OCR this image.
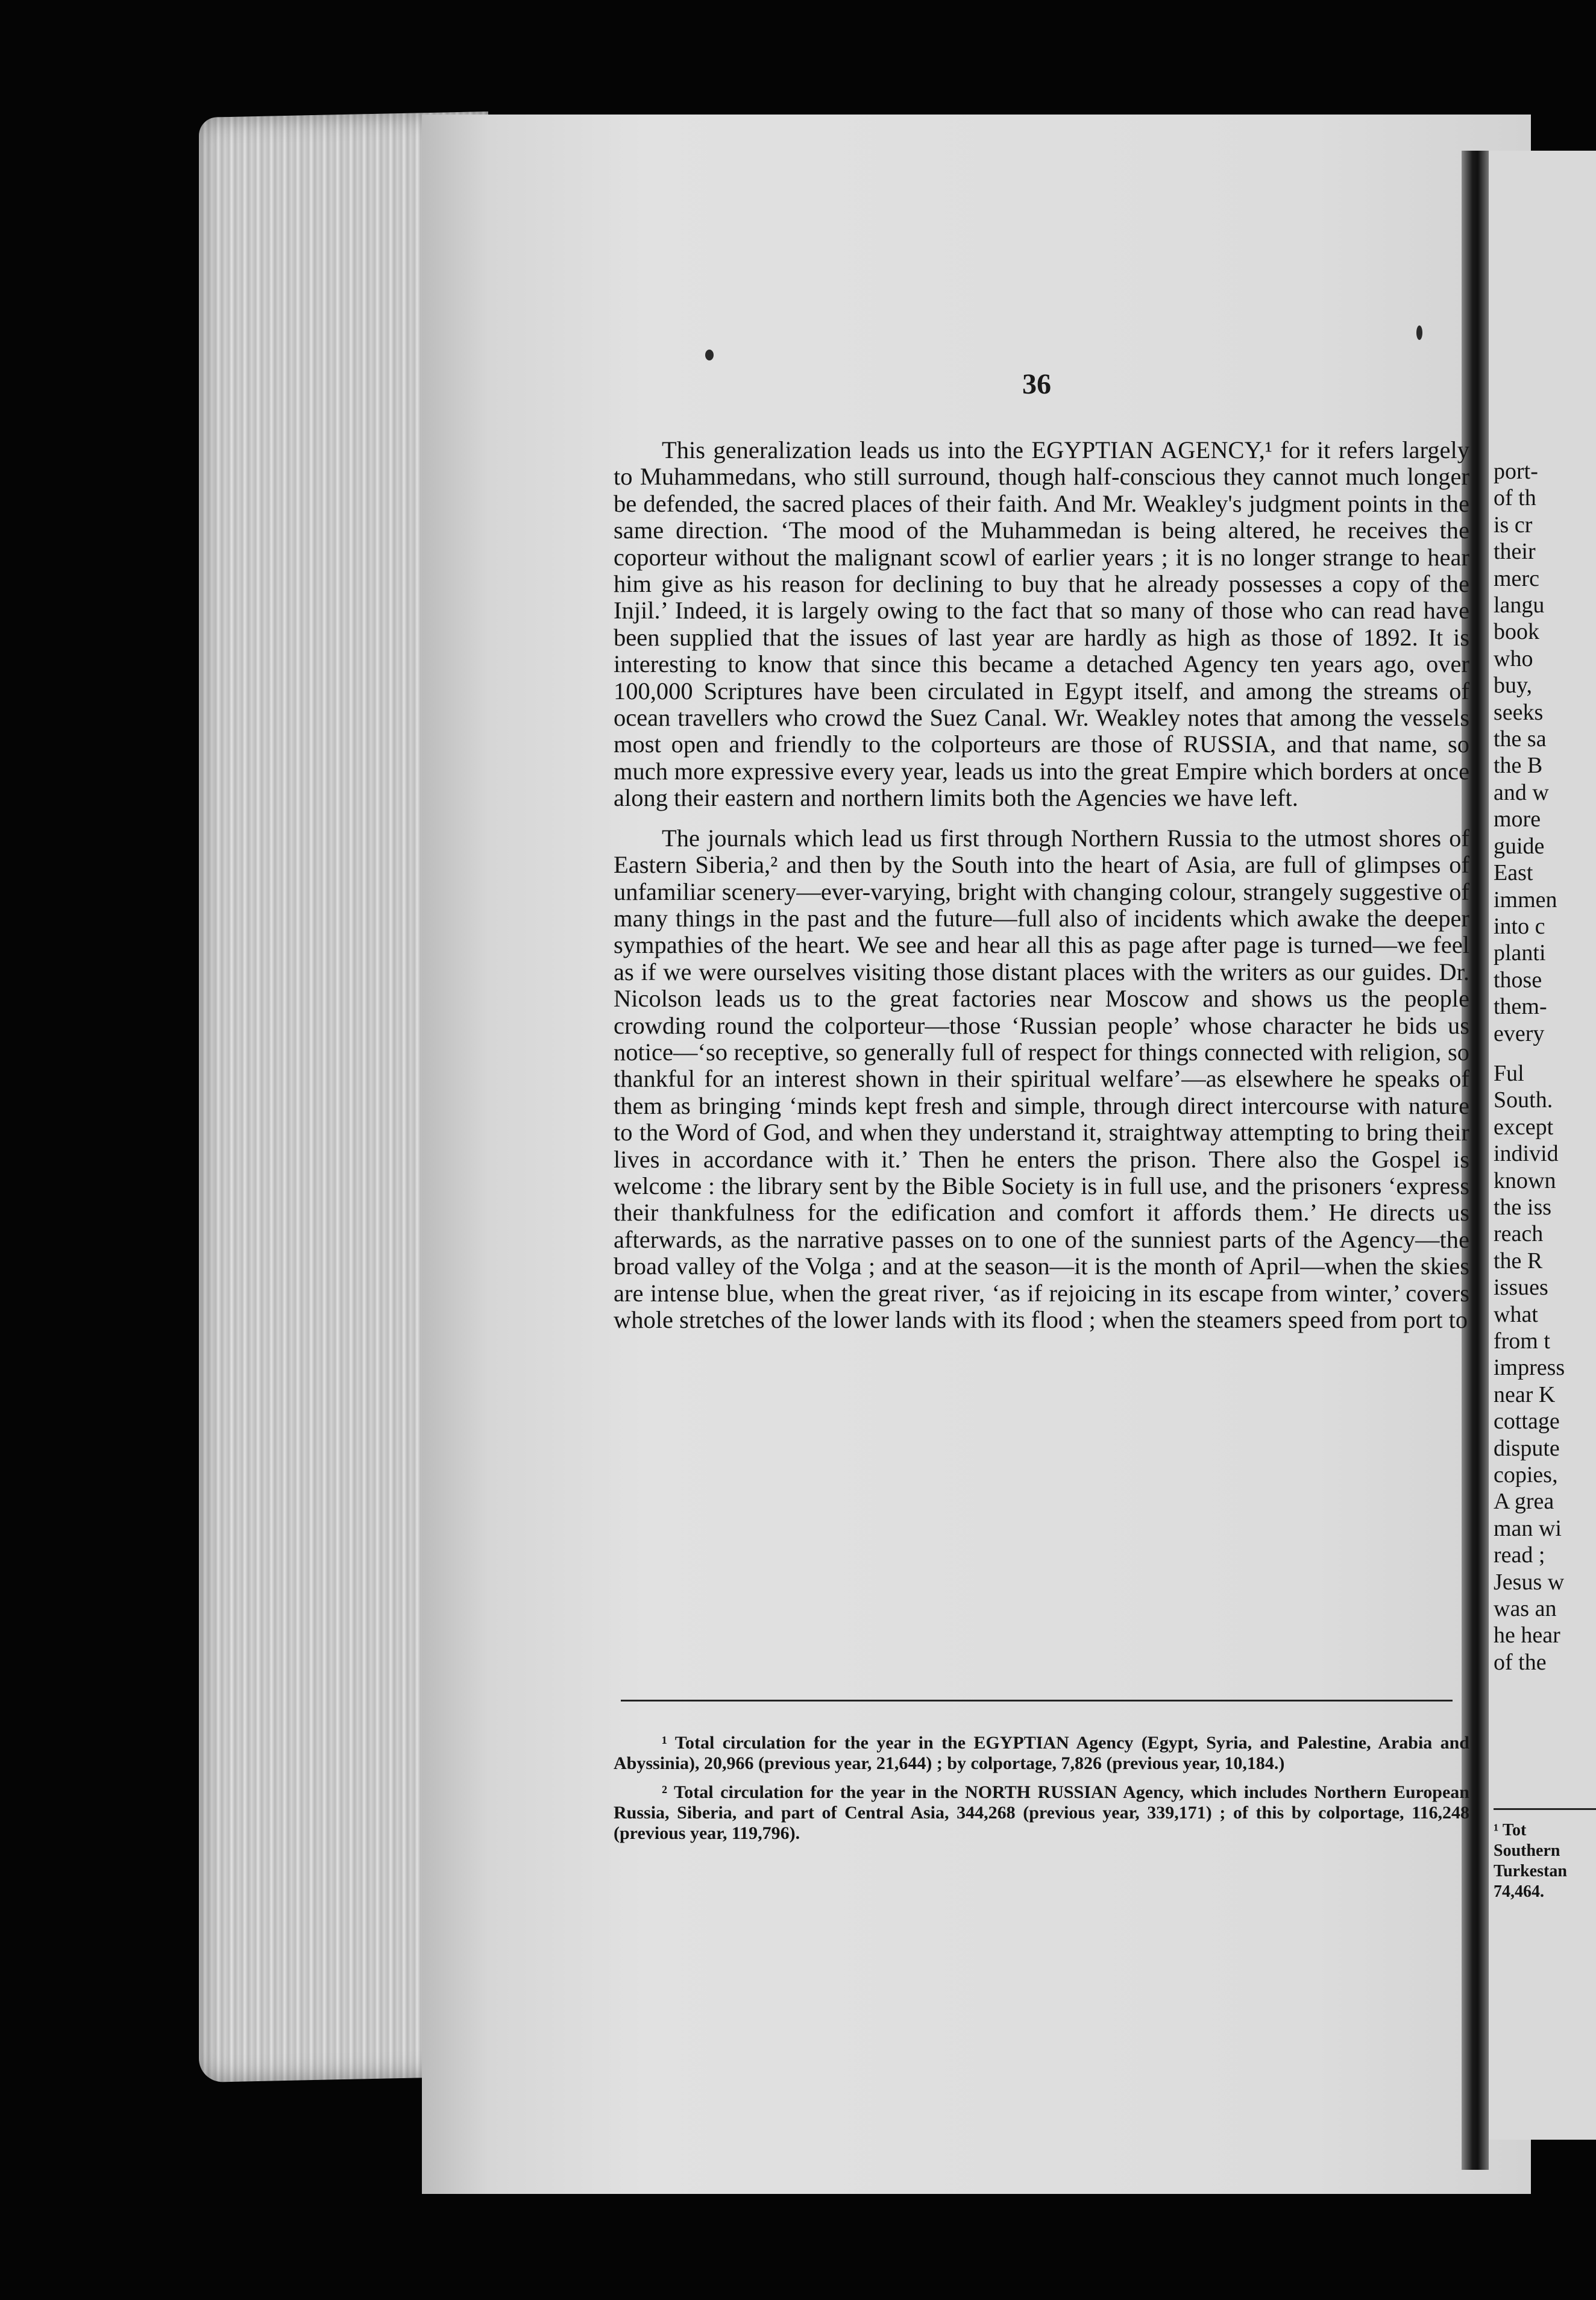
36

This generalization leads us into the EGYPTIAN AGENCY,¹ for it refers largely to Muhammedans, who still surround, though half-conscious they cannot much longer be defended, the sacred places of their faith. And Mr. Weakley's judgment points in the same direction. ‘The mood of the Muhammedan is being altered, he receives the coporteur without the malignant scowl of earlier years ; it is no longer strange to hear him give as his reason for declining to buy that he already possesses a copy of the Injil.’ Indeed, it is largely owing to the fact that so many of those who can read have been supplied that the issues of last year are hardly as high as those of 1892. It is interesting to know that since this became a detached Agency ten years ago, over 100,000 Scriptures have been circulated in Egypt itself, and among the streams of ocean travellers who crowd the Suez Canal. Wr. Weakley notes that among the vessels most open and friendly to the colporteurs are those of RUSSIA, and that name, so much more expressive every year, leads us into the great Empire which borders at once along their eastern and northern limits both the Agencies we have left.

The journals which lead us first through Northern Russia to the utmost shores of Eastern Siberia,² and then by the South into the heart of Asia, are full of glimpses of unfamiliar scenery—ever-varying, bright with changing colour, strangely suggestive of many things in the past and the future—full also of incidents which awake the deeper sympathies of the heart. We see and hear all this as page after page is turned—we feel as if we were ourselves visiting those distant places with the writers as our guides. Dr. Nicolson leads us to the great factories near Moscow and shows us the people crowding round the colporteur—those ‘Russian people’ whose character he bids us notice—‘so receptive, so generally full of respect for things connected with religion, so thankful for an interest shown in their spiritual welfare’—as elsewhere he speaks of them as bringing ‘minds kept fresh and simple, through direct intercourse with nature to the Word of God, and when they understand it, straightway attempting to bring their lives in accordance with it.’ Then he enters the prison. There also the Gospel is welcome : the library sent by the Bible Society is in full use, and the prisoners ‘express their thankfulness for the edification and comfort it affords them.’ He directs us afterwards, as the narrative passes on to one of the sunniest parts of the Agency—the broad valley of the Volga ; and at the season—it is the month of April—when the skies are intense blue, when the great river, ‘as if rejoicing in its escape from winter,’ covers whole stretches of the lower lands with its flood ; when the steamers speed from port to

¹ Total circulation for the year in the EGYPTIAN Agency (Egypt, Syria, and Palestine, Arabia and Abyssinia), 20,966 (previous year, 21,644) ; by colportage, 7,826 (previous year, 10,184.)

² Total circulation for the year in the NORTH RUSSIAN Agency, which includes Northern European Russia, Siberia, and part of Central Asia, 344,268 (previous year, 339,171) ; of this by colportage, 116,248 (previous year, 119,796).

port-
of th
is cr
their
merc
langu
book
who
buy,
seeks
the sa
the B
and w
more
guide
East
immen
into c
planti
those
them-
every
Ful
South.
except
individ
known
the iss
reach
the R
issues
what
from t
impress
near K
cottage
dispute
copies,
A grea
man wi
read ;
Jesus w
was an
he hear
of the
¹ Tot
Southern
Turkestan
74,464.
